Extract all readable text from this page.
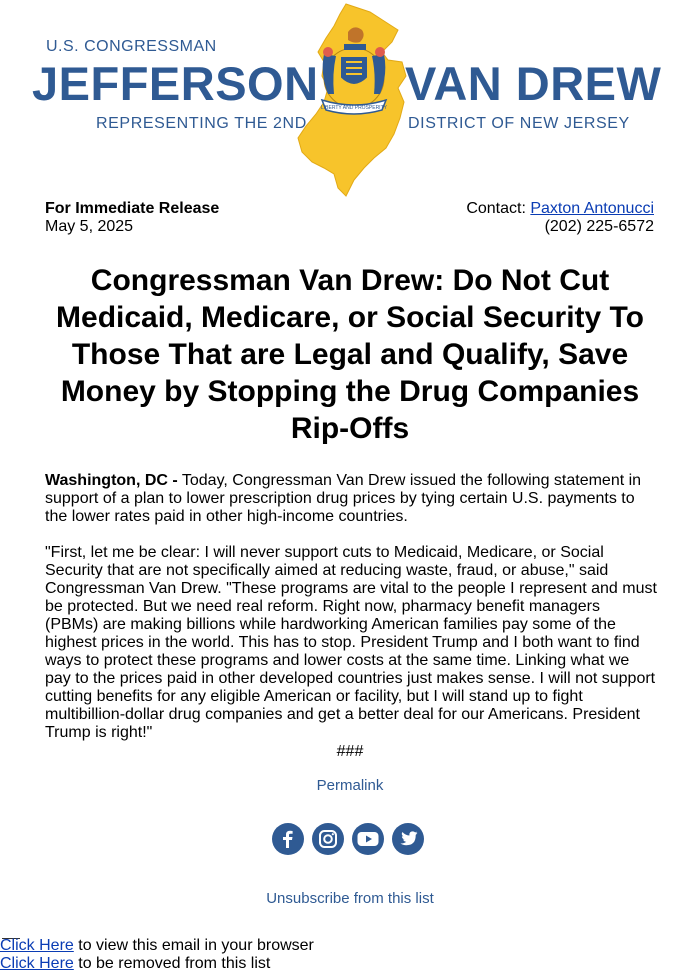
U.S. CONGRESSMAN
JEFFERSON VAN DREW
REPRESENTING THE 2ND	DISTRICT OF NEW JERSEY
LIBERTY AND PROSPERITY
For Immediate Release
May 5, 2025
Contact: Paxton Antonucci
(202) 225-6572
Congressman Van Drew: Do Not Cut Medicaid, Medicare, or Social Security To Those That are Legal and Qualify, Save Money by Stopping the Drug Companies Rip-Offs
Washington, DC - Today, Congressman Van Drew issued the following statement in support of a plan to lower prescription drug prices by tying certain U.S. payments to the lower rates paid in other high-income countries.
"First, let me be clear: I will never support cuts to Medicaid, Medicare, or Social Security that are not specifically aimed at reducing waste, fraud, or abuse," said Congressman Van Drew. "These programs are vital to the people I represent and must be protected. But we need real reform. Right now, pharmacy benefit managers (PBMs) are making billions while hardworking American families pay some of the highest prices in the world. This has to stop. President Trump and I both want to find ways to protect these programs and lower costs at the same time. Linking what we pay to the prices paid in other developed countries just makes sense. I will not support cutting benefits for any eligible American or facility, but I will stand up to fight multibillion-dollar drug companies and get a better deal for our Americans. President Trump is right!"
###
Permalink
Unsubscribe from this list
Click Here to view this email in your browser
Click Here to be removed from this list
